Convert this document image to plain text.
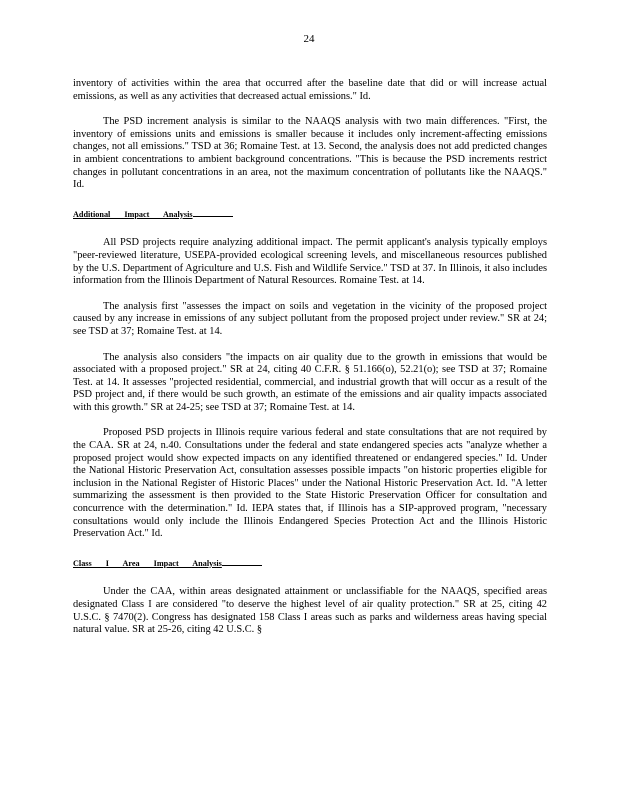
24

inventory of activities within the area that occurred after the baseline date that did or will increase actual emissions, as well as any activities that decreased actual emissions." Id.

The PSD increment analysis is similar to the NAAQS analysis with two main differences. "First, the inventory of emissions units and emissions is smaller because it includes only increment-affecting emissions changes, not all emissions." TSD at 36; Romaine Test. at 13. Second, the analysis does not add predicted changes in ambient concentrations to ambient background concentrations. "This is because the PSD increments restrict changes in pollutant concentrations in an area, not the maximum concentration of pollutants like the NAAQS." Id.

Additional Impact Analysis

All PSD projects require analyzing additional impact. The permit applicant's analysis typically employs "peer-reviewed literature, USEPA-provided ecological screening levels, and miscellaneous resources published by the U.S. Department of Agriculture and U.S. Fish and Wildlife Service." TSD at 37. In Illinois, it also includes information from the Illinois Department of Natural Resources. Romaine Test. at 14.

The analysis first "assesses the impact on soils and vegetation in the vicinity of the proposed project caused by any increase in emissions of any subject pollutant from the proposed project under review." SR at 24; see TSD at 37; Romaine Test. at 14.

The analysis also considers "the impacts on air quality due to the growth in emissions that would be associated with a proposed project." SR at 24, citing 40 C.F.R. § 51.166(o), 52.21(o); see TSD at 37; Romaine Test. at 14. It assesses "projected residential, commercial, and industrial growth that will occur as a result of the PSD project and, if there would be such growth, an estimate of the emissions and air quality impacts associated with this growth." SR at 24-25; see TSD at 37; Romaine Test. at 14.

Proposed PSD projects in Illinois require various federal and state consultations that are not required by the CAA. SR at 24, n.40. Consultations under the federal and state endangered species acts "analyze whether a proposed project would show expected impacts on any identified threatened or endangered species." Id. Under the National Historic Preservation Act, consultation assesses possible impacts "on historic properties eligible for inclusion in the National Register of Historic Places" under the National Historic Preservation Act. Id. "A letter summarizing the assessment is then provided to the State Historic Preservation Officer for consultation and concurrence with the determination." Id. IEPA states that, if Illinois has a SIP-approved program, "necessary consultations would only include the Illinois Endangered Species Protection Act and the Illinois Historic Preservation Act." Id.

Class I Area Impact Analysis

Under the CAA, within areas designated attainment or unclassifiable for the NAAQS, specified areas designated Class I are considered "to deserve the highest level of air quality protection." SR at 25, citing 42 U.S.C. § 7470(2). Congress has designated 158 Class I areas such as parks and wilderness areas having special natural value. SR at 25-26, citing 42 U.S.C. §
